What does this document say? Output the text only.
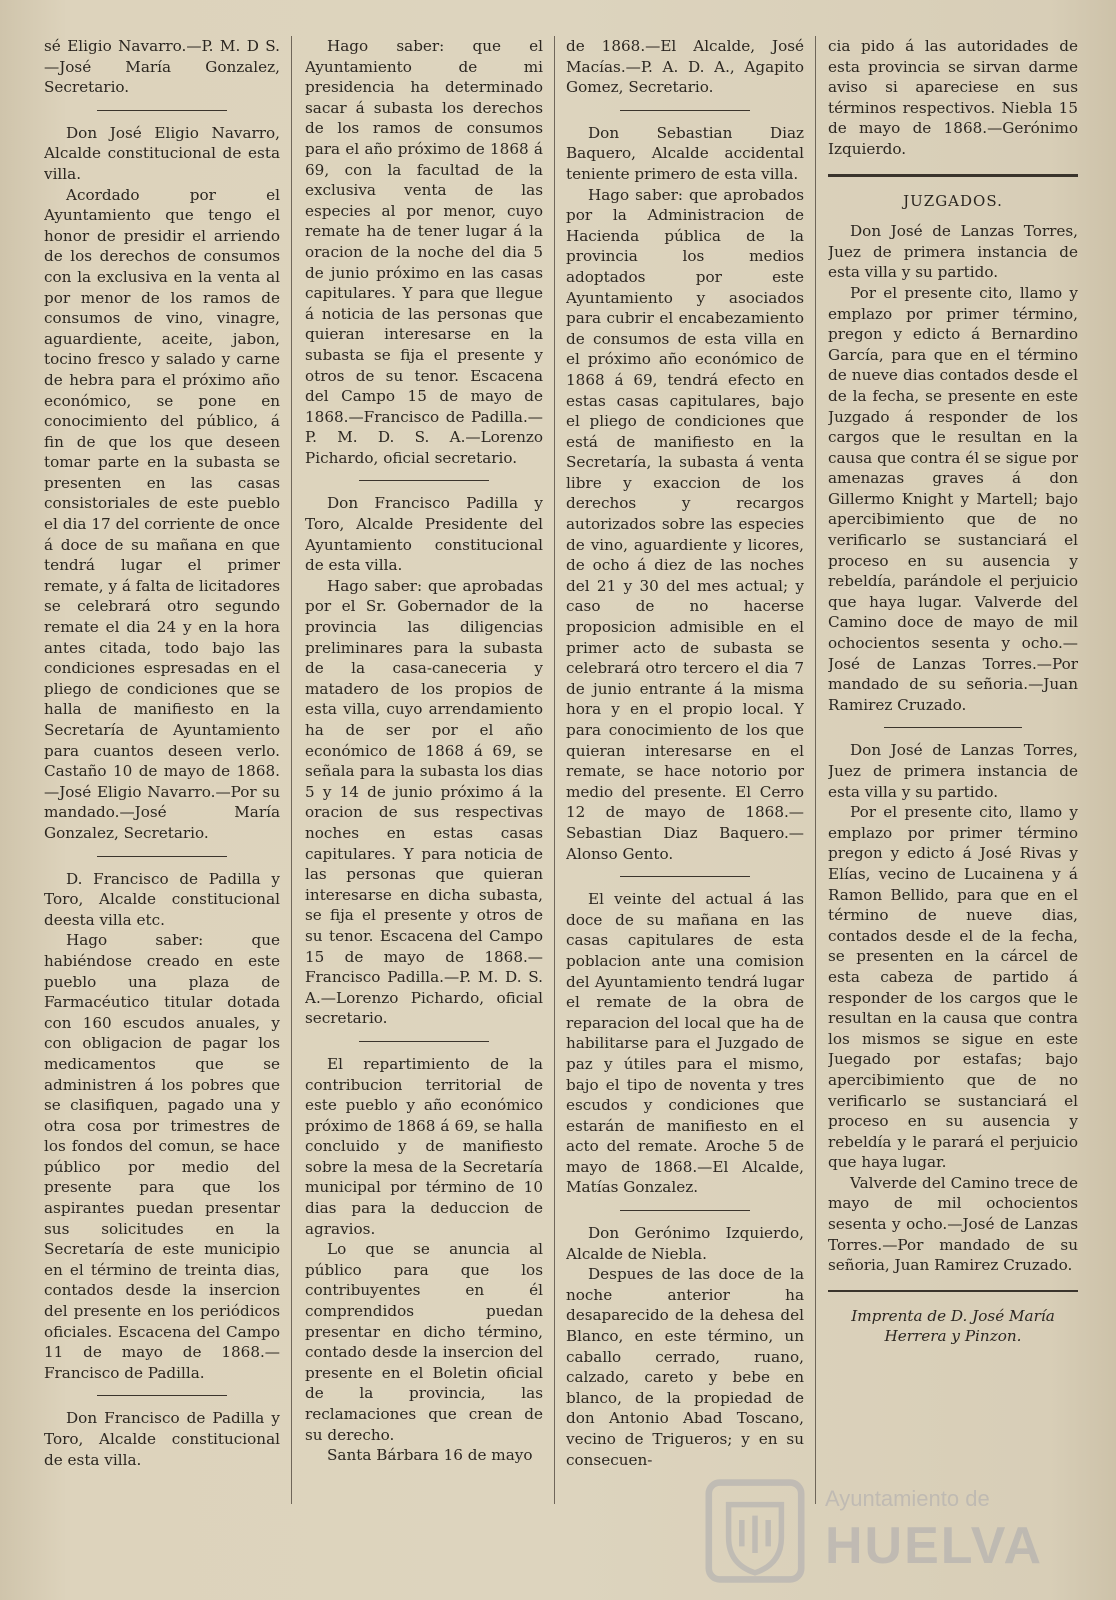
sé Eligio Navarro.—P. M. D S.—José María Gonzalez, Secretario.

Don José Eligio Navarro, Alcalde constitucional de esta villa.

Acordado por el Ayuntamiento que tengo el honor de presidir el arriendo de los derechos de consumos con la exclusiva en la venta al por menor de los ramos de consumos de vino, vinagre, aguardiente, aceite, jabon, tocino fresco y salado y carne de hebra para el próximo año económico, se pone en conocimiento del público, á fin de que los que deseen tomar parte en la subasta se presenten en las casas consistoriales de este pueblo el dia 17 del corriente de once á doce de su mañana en que tendrá lugar el primer remate, y á falta de licitadores se celebrará otro segundo remate el dia 24 y en la hora antes citada, todo bajo las condiciones espresadas en el pliego de condiciones que se halla de manifiesto en la Secretaría de Ayuntamiento para cuantos deseen verlo. Castaño 10 de mayo de 1868.—José Eligio Navarro.—Por su mandado.—José María Gonzalez, Secretario.

D. Francisco de Padilla y Toro, Alcalde constitucional deesta villa etc.

Hago saber: que habiéndose creado en este pueblo una plaza de Farmacéutico titular dotada con 160 escudos anuales, y con obligacion de pagar los medicamentos que se administren á los pobres que se clasifiquen, pagado una y otra cosa por trimestres de los fondos del comun, se hace público por medio del presente para que los aspirantes puedan presentar sus solicitudes en la Secretaría de este municipio en el término de treinta dias, contados desde la insercion del presente en los periódicos oficiales. Escacena del Campo 11 de mayo de 1868.—Francisco de Padilla.

Don Francisco de Padilla y Toro, Alcalde constitucional de esta villa.

Hago saber: que el Ayuntamiento de mi presidencia ha determinado sacar á subasta los derechos de los ramos de consumos para el año próximo de 1868 á 69, con la facultad de la exclusiva venta de las especies al por menor, cuyo remate ha de tener lugar á la oracion de la noche del dia 5 de junio próximo en las casas capitulares. Y para que llegue á noticia de las personas que quieran interesarse en la subasta se fija el presente y otros de su tenor. Escacena del Campo 15 de mayo de 1868.—Francisco de Padilla.—P. M. D. S. A.—Lorenzo Pichardo, oficial secretario.

Don Francisco Padilla y Toro, Alcalde Presidente del Ayuntamiento constitucional de esta villa.

Hago saber: que aprobadas por el Sr. Gobernador de la provincia las diligencias preliminares para la subasta de la casa-caneceria y matadero de los propios de esta villa, cuyo arrendamiento ha de ser por el año económico de 1868 á 69, se señala para la subasta los dias 5 y 14 de junio próximo á la oracion de sus respectivas noches en estas casas capitulares. Y para noticia de las personas que quieran interesarse en dicha subasta, se fija el presente y otros de su tenor. Escacena del Campo 15 de mayo de 1868.—Francisco Padilla.—P. M. D. S. A.—Lorenzo Pichardo, oficial secretario.

El repartimiento de la contribucion territorial de este pueblo y año económico próximo de 1868 á 69, se halla concluido y de manifiesto sobre la mesa de la Secretaría municipal por término de 10 dias para la deduccion de agravios.

Lo que se anuncia al público para que los contribuyentes en él comprendidos puedan presentar en dicho término, contado desde la insercion del presente en el Boletin oficial de la provincia, las reclamaciones que crean de su derecho.

Santa Bárbara 16 de mayo

de 1868.—El Alcalde, José Macías.—P. A. D. A., Agapito Gomez, Secretario.

Don Sebastian Diaz Baquero, Alcalde accidental teniente primero de esta villa.

Hago saber: que aprobados por la Administracion de Hacienda pública de la provincia los medios adoptados por este Ayuntamiento y asociados para cubrir el encabezamiento de consumos de esta villa en el próximo año económico de 1868 á 69, tendrá efecto en estas casas capitulares, bajo el pliego de condiciones que está de manifiesto en la Secretaría, la subasta á venta libre y exaccion de los derechos y recargos autorizados sobre las especies de vino, aguardiente y licores, de ocho á diez de las noches del 21 y 30 del mes actual; y caso de no hacerse proposicion admisible en el primer acto de subasta se celebrará otro tercero el dia 7 de junio entrante á la misma hora y en el propio local. Y para conocimiento de los que quieran interesarse en el remate, se hace notorio por medio del presente. El Cerro 12 de mayo de 1868.—Sebastian Diaz Baquero.—Alonso Gento.

El veinte del actual á las doce de su mañana en las casas capitulares de esta poblacion ante una comision del Ayuntamiento tendrá lugar el remate de la obra de reparacion del local que ha de habilitarse para el Juzgado de paz y útiles para el mismo, bajo el tipo de noventa y tres escudos y condiciones que estarán de manifiesto en el acto del remate. Aroche 5 de mayo de 1868.—El Alcalde, Matías Gonzalez.

Don Gerónimo Izquierdo, Alcalde de Niebla.

Despues de las doce de la noche anterior ha desaparecido de la dehesa del Blanco, en este término, un caballo cerrado, ruano, calzado, careto y bebe en blanco, de la propiedad de don Antonio Abad Toscano, vecino de Trigueros; y en su consecuen-

cia pido á las autoridades de esta provincia se sirvan darme aviso si apareciese en sus términos respectivos. Niebla 15 de mayo de 1868.—Gerónimo Izquierdo.

JUZGADOS.

Don José de Lanzas Torres, Juez de primera instancia de esta villa y su partido.

Por el presente cito, llamo y emplazo por primer término, pregon y edicto á Bernardino García, para que en el término de nueve dias contados desde el de la fecha, se presente en este Juzgado á responder de los cargos que le resultan en la causa que contra él se sigue por amenazas graves á don Gillermo Knight y Martell; bajo apercibimiento que de no verificarlo se sustanciará el proceso en su ausencia y rebeldía, parándole el perjuicio que haya lugar. Valverde del Camino doce de mayo de mil ochocientos sesenta y ocho.—José de Lanzas Torres.—Por mandado de su señoria.—Juan Ramirez Cruzado.

Don José de Lanzas Torres, Juez de primera instancia de esta villa y su partido.

Por el presente cito, llamo y emplazo por primer término pregon y edicto á José Rivas y Elías, vecino de Lucainena y á Ramon Bellido, para que en el término de nueve dias, contados desde el de la fecha, se presenten en la cárcel de esta cabeza de partido á responder de los cargos que le resultan en la causa que contra los mismos se sigue en este Juegado por estafas; bajo apercibimiento que de no verificarlo se sustanciará el proceso en su ausencia y rebeldía y le parará el perjuicio que haya lugar.

Valverde del Camino trece de mayo de mil ochocientos sesenta y ocho.—José de Lanzas Torres.—Por mandado de su señoria, Juan Ramirez Cruzado.

Imprenta de D. José María Herrera y Pinzon.
Ayuntamiento de
HUELVA
